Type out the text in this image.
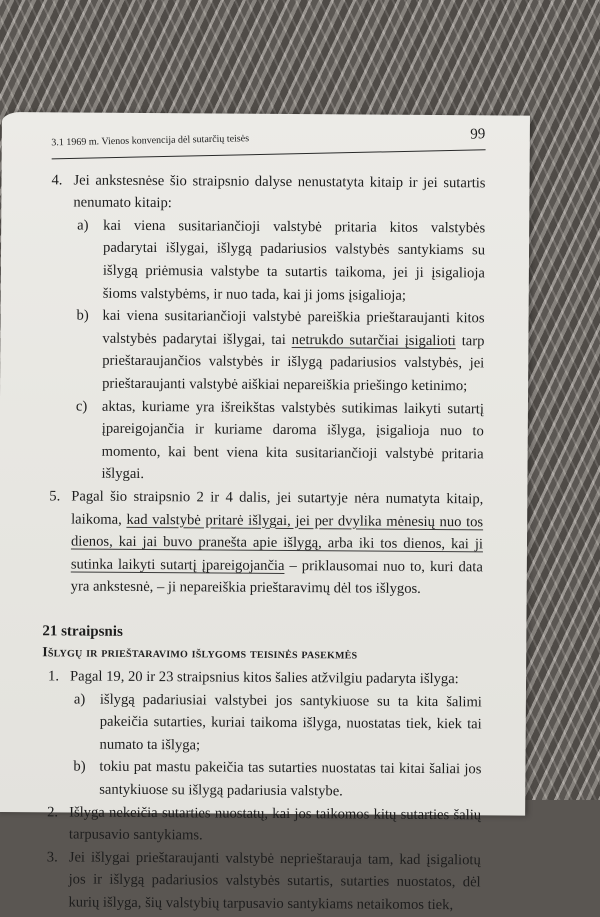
3.1 1969 m. Vienos konvencija dėl sutarčių teisės	99
4. Jei ankstesnėse šio straipsnio dalyse nenustatyta kitaip ir jei sutartis nenumato kitaip:
a) kai viena susitariančioji valstybė pritaria kitos valstybės padarytai išlygai, išlygą padariusios valstybės santykiams su išlygą priėmusia valstybe ta sutartis taikoma, jei ji įsigalioja šioms valstybėms, ir nuo tada, kai ji joms įsigalioja;
b) kai viena susitariančioji valstybė pareiškia prieštaraujanti kitos valstybės padarytai išlygai, tai netrukdo sutarčiai įsigalioti tarp prieštaraujančios valstybės ir išlygą padariusios valstybės, jei prieštaraujanti valstybė aiškiai nepareiškia priešingo ketinimo;
c) aktas, kuriame yra išreikštas valstybės sutikimas laikyti sutartį įpareigojančia ir kuriame daroma išlyga, įsigalioja nuo to momento, kai bent viena kita susitariančioji valstybė pritaria išlygai.
5. Pagal šio straipsnio 2 ir 4 dalis, jei sutartyje nėra numatyta kitaip, laikoma, kad valstybė pritarė išlygai, jei per dvylika mėnesių nuo tos dienos, kai jai buvo pranešta apie išlygą, arba iki tos dienos, kai ji sutinka laikyti sutartį įpareigojančia – priklausomai nuo to, kuri data yra ankstesnė, – ji nepareiškia prieštaravimų dėl tos išlygos.
21 straipsnis
Išlygų ir prieštaravimo išlygoms teisinės pasekmės
1. Pagal 19, 20 ir 23 straipsnius kitos šalies atžvilgiu padaryta išlyga:
a) išlygą padariusiai valstybei jos santykiuose su ta kita šalimi pakeičia sutarties, kuriai taikoma išlyga, nuostatas tiek, kiek tai numato ta išlyga;
b) tokiu pat mastu pakeičia tas sutarties nuostatas tai kitai šaliai jos santykiuose su išlygą padariusia valstybe.
2. Išlyga nekeičia sutarties nuostatų, kai jos taikomos kitų sutarties šalių tarpusavio santykiams.
3. Jei išlygai prieštaraujanti valstybė neprieštarauja tam, kad įsigaliotų jos ir išlygą padariusios valstybės sutartis, sutarties nuostatos, dėl kurių išlyga, šių valstybių tarpusavio santykiams netaikomos tiek,
